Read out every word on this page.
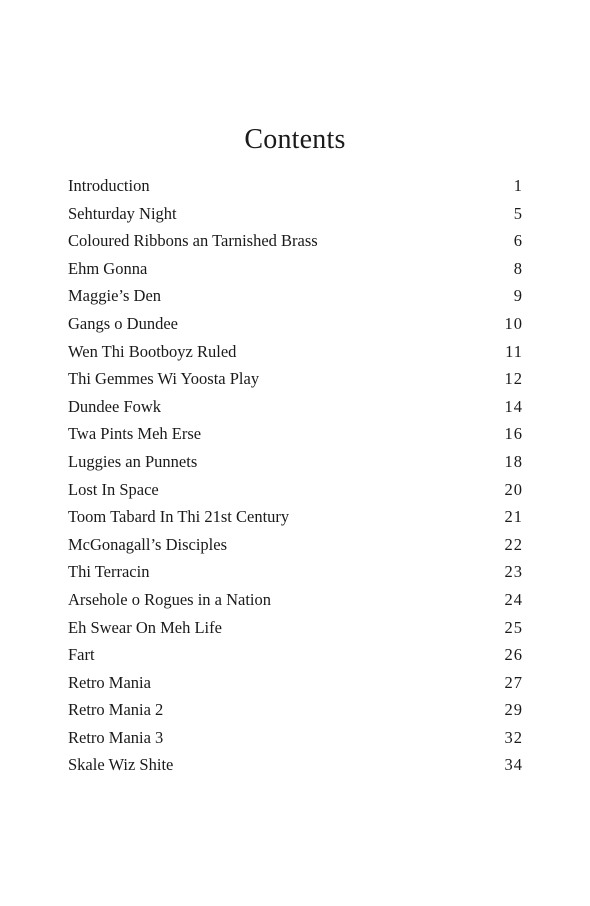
Contents
Introduction	1
Sehturday Night	5
Coloured Ribbons an Tarnished Brass	6
Ehm Gonna	8
Maggie’s Den	9
Gangs o Dundee	10
Wen Thi Bootboyz Ruled	11
Thi Gemmes Wi Yoosta Play	12
Dundee Fowk	14
Twa Pints Meh Erse	16
Luggies an Punnets	18
Lost In Space	20
Toom Tabard In Thi 21st Century	21
McGonagall’s Disciples	22
Thi Terracin	23
Arsehole o Rogues in a Nation	24
Eh Swear On Meh Life	25
Fart	26
Retro Mania	27
Retro Mania 2	29
Retro Mania 3	32
Skale Wiz Shite	34
